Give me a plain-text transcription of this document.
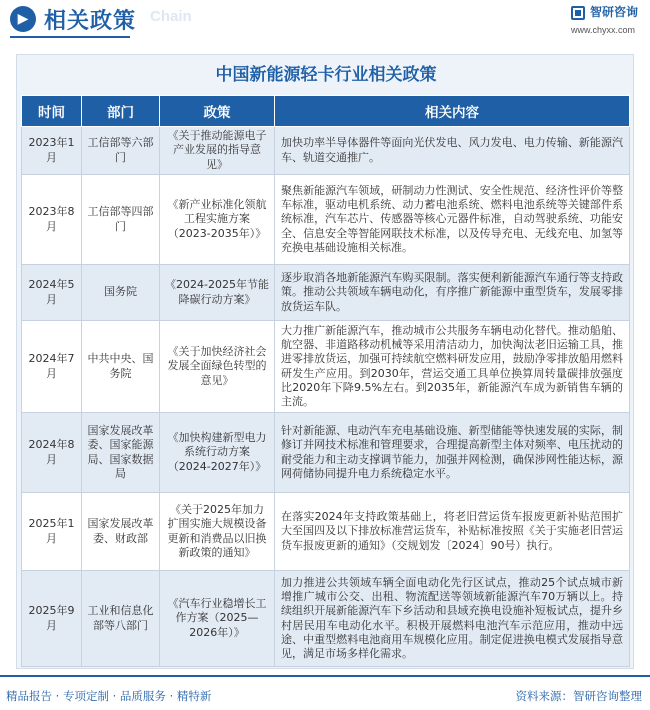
▶ 相关政策 Chain	智研咨询
www.chyxx.com
中国新能源轻卡行业相关政策
时间	部门	政策	相关内容
2023年1月	工信部等六部门	《关于推动能源电子产业发展的指导意见》	加快功率半导体器件等面向光伏发电、风力发电、电力传输、新能源汽车、轨道交通推广。
2023年8月	工信部等四部门	《新产业标准化领航工程实施方案（2023-2035年）》	聚焦新能源汽车领域，研制动力性测试、安全性规范、经济性评价等整车标准，驱动电机系统、动力蓄电池系统、燃料电池系统等关键部件系统标准，汽车芯片、传感器等核心元器件标准，自动驾驶系统、功能安全、信息安全等智能网联技术标准，以及传导充电、无线充电、加氢等充换电基础设施相关标准。
2024年5月	国务院	《2024-2025年节能降碳行动方案》	逐步取消各地新能源汽车购买限制。落实便利新能源汽车通行等支持政策。推动公共领域车辆电动化，有序推广新能源中重型货车，发展零排放货运车队。
2024年7月	中共中央、国务院	《关于加快经济社会发展全面绿色转型的意见》	大力推广新能源汽车，推动城市公共服务车辆电动化替代。推动船舶、航空器、非道路移动机械等采用清洁动力，加快淘汰老旧运输工具，推进零排放货运，加强可持续航空燃料研发应用，鼓励净零排放船用燃料研发生产应用。到2030年，营运交通工具单位换算周转量碳排放强度比2020年下降9.5%左右。到2035年，新能源汽车成为新销售车辆的主流。
2024年8月	国家发展改革委、国家能源局、国家数据局	《加快构建新型电力系统行动方案（2024-2027年）》	针对新能源、电动汽车充电基础设施、新型储能等快速发展的实际，制修订并网技术标准和管理要求，合理提高新型主体对频率、电压扰动的耐受能力和主动支撑调节能力，加强并网检测，确保涉网性能达标，源网荷储协同提升电力系统稳定水平。
2025年1月	国家发展改革委、财政部	《关于2025年加力扩围实施大规模设备更新和消费品以旧换新政策的通知》	在落实2024年支持政策基础上，将老旧营运货车报废更新补贴范围扩大至国四及以下排放标准营运货车，补贴标准按照《关于实施老旧营运货车报废更新的通知》（交规划发〔2024〕90号）执行。
2025年9月	工业和信息化部等八部门	《汽车行业稳增长工作方案（2025—2026年）》	加力推进公共领域车辆全面电动化先行区试点，推动25个试点城市新增推广城市公交、出租、物流配送等领域新能源汽车70万辆以上。持续组织开展新能源汽车下乡活动和县域充换电设施补短板试点，提升乡村居民用车电动化水平。积极开展燃料电池汽车示范应用，推动中远途、中重型燃料电池商用车规模化应用。制定促进换电模式发展指导意见，满足市场多样化需求。
精品报告 · 专项定制 · 品质服务 · 精特新	资料来源：智研咨询整理
